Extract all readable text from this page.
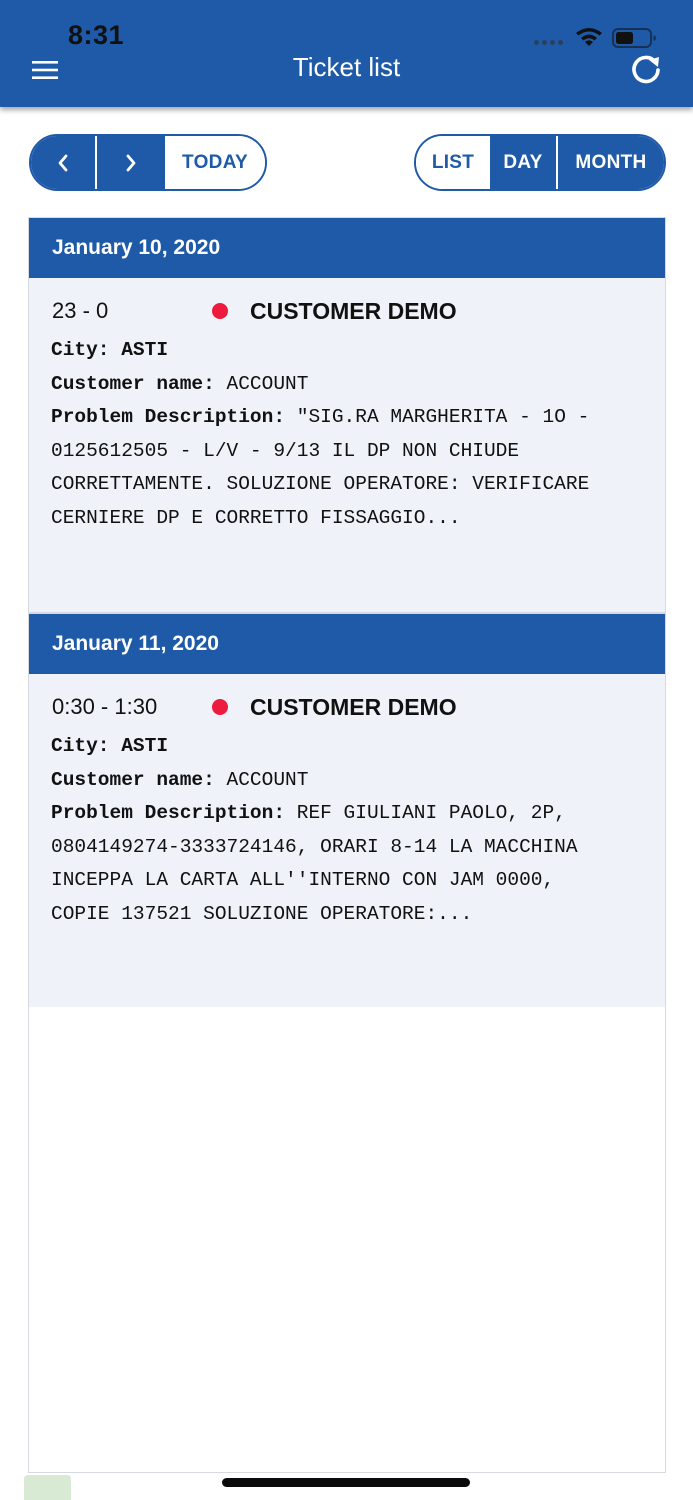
8:31
Ticket list
TODAY	LIST	DAY	MONTH
January 10, 2020
23 - 0	CUSTOMER DEMO
City: ASTI
Customer name: ACCOUNT
Problem Description: "SIG.RA MARGHERITA - 1O - 0125612505 - L/V - 9/13 IL DP NON CHIUDE CORRETTAMENTE. SOLUZIONE OPERATORE: VERIFICARE CERNIERE DP E CORRETTO FISSAGGIO...
January 11, 2020
0:30 - 1:30	CUSTOMER DEMO
City: ASTI
Customer name: ACCOUNT
Problem Description: REF GIULIANI PAOLO, 2P, 0804149274-3333724146, ORARI 8-14 LA MACCHINA INCEPPA LA CARTA ALL''INTERNO CON JAM 0000, COPIE 137521 SOLUZIONE OPERATORE:...
